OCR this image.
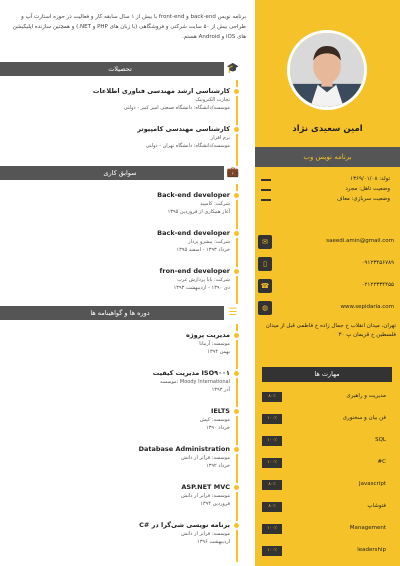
امین سعیدی نژاد
برنامه نویس وب
تولد: ۱۳۶۹/۰۱/۰۸
وضعیت تاهل: مجرد
وضعیت سربازی: معاف
✉	saeedi.amin@gmail.com
▯	۰۹۱۲۳۴۵۶۷۸۹
☎	۰۲۱۲۲۳۳۴۴۵۵
◍	www.sepidaria.com
تهران، میدان انقلاب خ جمال زاده خ فاطمی قبل از میدان فلسطین خ قریمان پ ۳۰
مهارت ها
۸۰٪	مدیریت و راهبری
۱۰۰٪	فن بیان و سخنوری
۱۰۰٪	SQL
۱۰۰٪	C#
۸۰٪	Javascript
۸۰٪	فتوشاپ
۱۰۰٪	Management
۱۰۰٪	leadership
برنامه نویس back-end و front-end با بیش از ۱ سال سابقه کار و فعالیت در حوزه استارت آپ و طراحی بیش از ۵۰ سایت شرکتی و فروشگاهی (با زبان های PHP و NET.) و همچنین سازنده اپلیکیشن های iOS و Android هستم.
تحصیلات	🎓
کارشناسی ارشد مهندسی فناوری اطلاعات
تجارت الکترونیک
موسسه/دانشگاه: دانشگاه صنعتی امیر کبیر - دولتی
کارشناسی مهندسی کامپیوتر
نرم افزار
موسسه/دانشگاه: دانشگاه تهران - دولتی
سوابق کاری	💼
Back-end developer
شرکت: کامپید
آغاز همکاری از فروردین ۱۳۹۵
Back-end developer
شرکت: پیشرو پرداز
خرداد ۱۳۹۳ - اسفند ۱۳۹۵
fron-end developer
شرکت: پایا پردازش غرب
دی ۱۳۹۰ - اردیبهشت ۱۳۹۳
دوره ها و گواهینامه ها	☰
مدیریت پروژه
موسسه: آرمانا
بهمن ۱۳۹۴
ISO۹۰۰۱ مدیریت کیفیت
Moody International :موسسه
آذر ۱۳۹۳
IELTS
موسسه: کیش
خرداد ۱۳۹۰
Database Administration
موسسه: فراتر از دانش
خرداد ۱۳۹۲
ASP.NET MVC
موسسه: فراتر از دانش
فروردین ۱۳۹۴
برنامه نویسی شی‌گرا در #C
موسسه: فراتر از دانش
اردیبهشت ۱۳۹۶
